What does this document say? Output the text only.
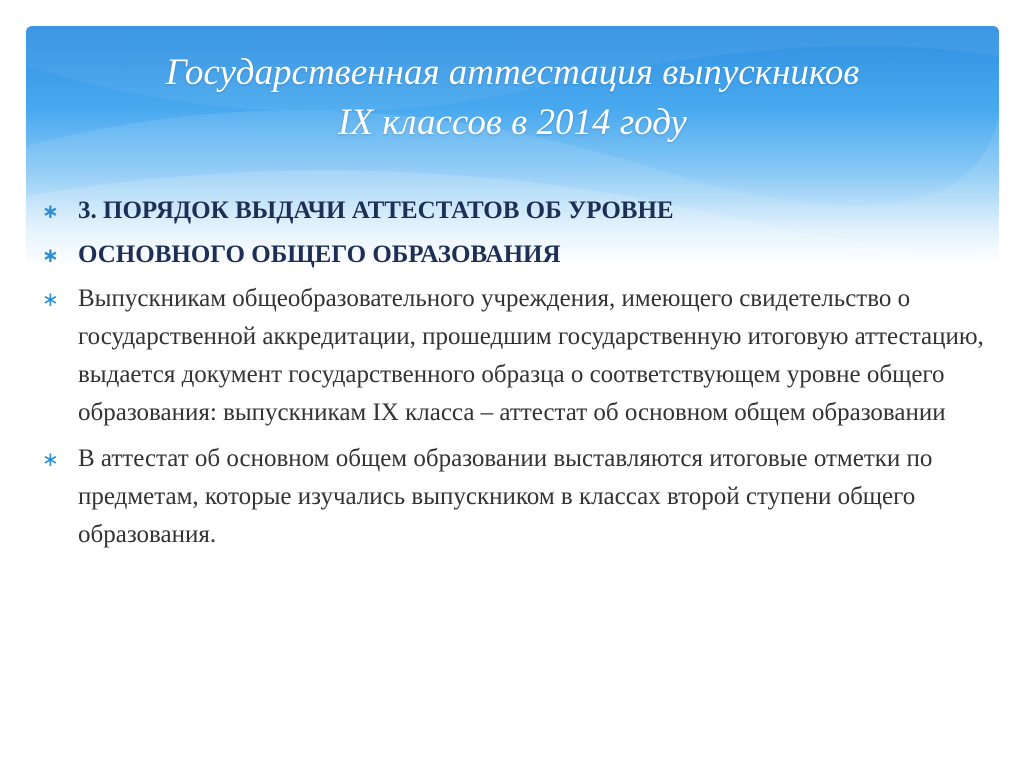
Государственная аттестация выпускников
IX классов в 2014 году
∗ 3. ПОРЯДОК ВЫДАЧИ АТТЕСТАТОВ ОБ УРОВНЕ
∗ ОСНОВНОГО ОБЩЕГО ОБРАЗОВАНИЯ
∗ Выпускникам общеобразовательного учреждения, имеющего свидетельство о государственной аккредитации, прошедшим государственную итоговую аттестацию, выдается документ государственного образца о соответствующем уровне общего образования: выпускникам IX класса – аттестат об основном общем образовании
∗ В аттестат об основном общем образовании выставляются итоговые отметки по предметам, которые изучались выпускником в классах второй ступени общего образования.
